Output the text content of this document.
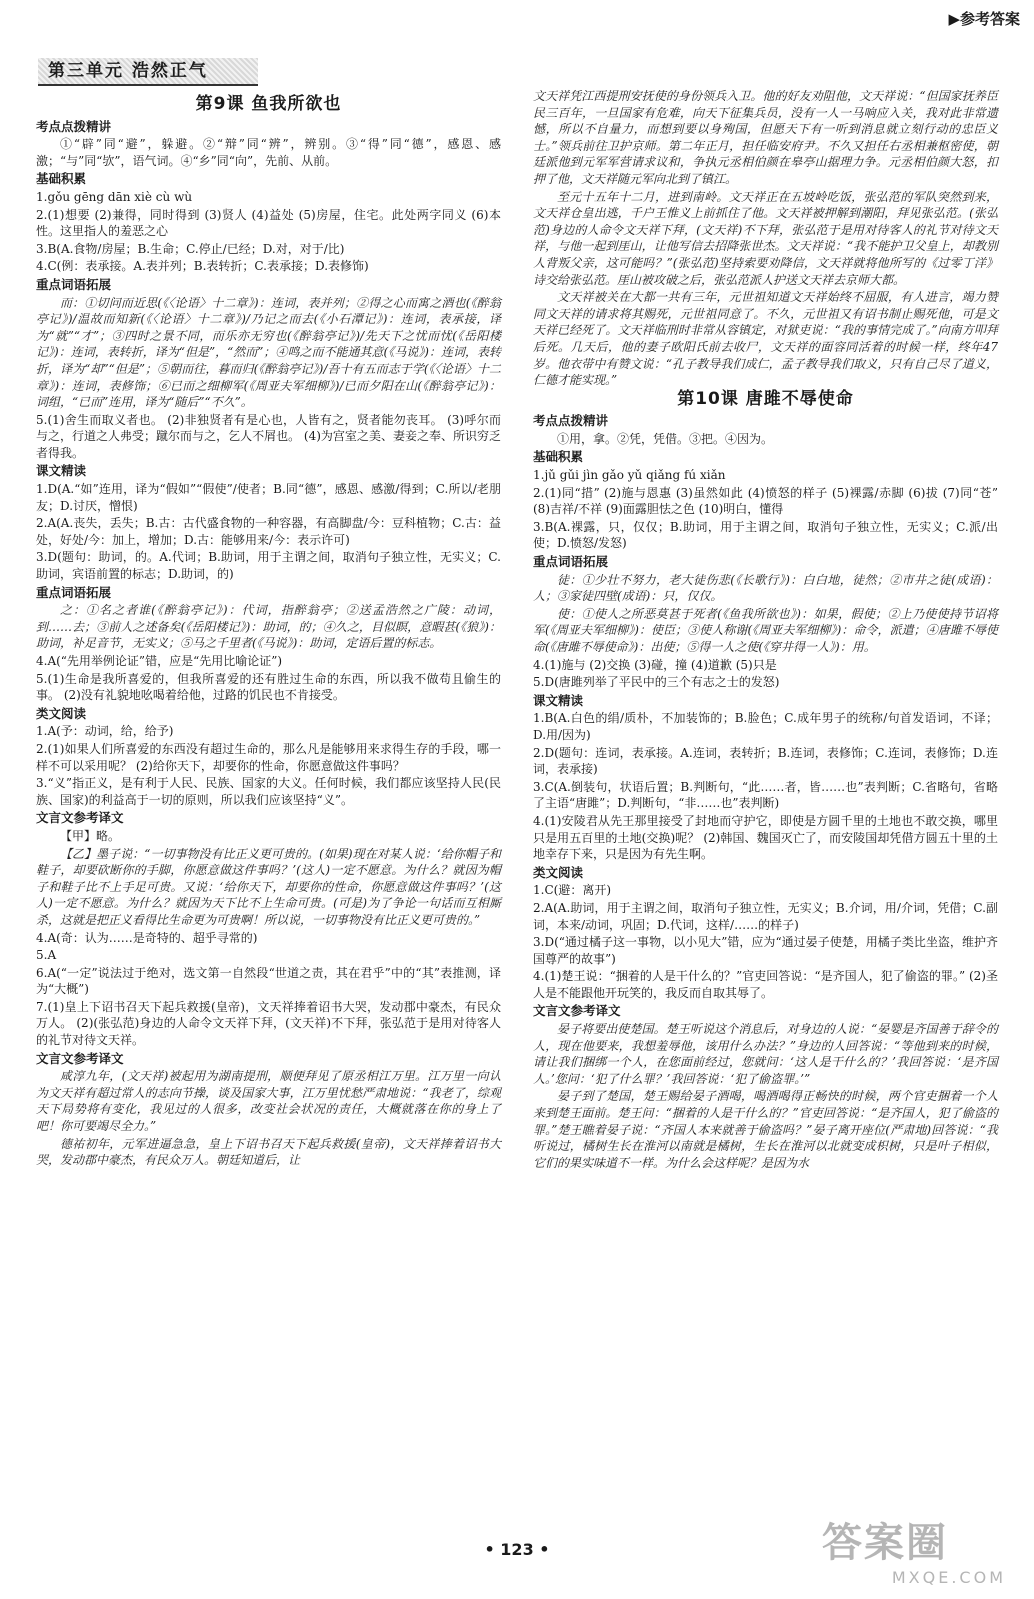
▶参考答案
第三单元 浩然正气
第9课 鱼我所欲也
考点点拨精讲
①“辟”同“避”，躲避。②“辩”同“辨”，辨别。③“得”同“德”，感恩、感激；“与”同“欤”，语气词。④“乡”同“向”，先前、从前。
基础积累
1.gǒu gēng dān xiè cù wù
2.(1)想要 (2)兼得，同时得到 (3)贤人 (4)益处 (5)房屋，住宅。此处两字同义 (6)本性。这里指人的羞恶之心
3.B(A.食物/房屋；B.生命；C.停止/已经；D.对，对于/比)
4.C(例：表承接。A.表并列；B.表转折；C.表承接；D.表修饰)
重点词语拓展
而：①切问而近思(《〈论语〉十二章》)：连词，表并列；②得之心而寓之酒也(《醉翁亭记》)/温故而知新(《〈论语〉十二章》)/乃记之而去(《小石潭记》)：连词，表承接，译为“就”“才”；③四时之景不同，而乐亦无穷也(《醉翁亭记》)/先天下之忧而忧(《岳阳楼记》)：连词，表转折，译为“但是”，“然而”；④鸣之而不能通其意(《马说》)：连词，表转折，译为“却”“但是”；⑤朝而往，暮而归(《醉翁亭记》)/吾十有五而志于学(《〈论语〉十二章》)：连词，表修饰；⑥已而之细柳军(《周亚夫军细柳》)/已而夕阳在山(《醉翁亭记》)：词组，“已而”连用，译为“随后”“不久”。
5.(1)舍生而取义者也。 (2)非独贤者有是心也，人皆有之，贤者能勿丧耳。 (3)呼尔而与之，行道之人弗受；蹴尔而与之，乞人不屑也。 (4)为宫室之美、妻妾之奉、所识穷乏者得我。
课文精读
1.D(A.“如”连用，译为“假如”“假使”/使者；B.同“德”，感恩、感激/得到；C.所以/老朋友；D.讨厌，憎恨)
2.A(A.丧失，丢失；B.古：古代盛食物的一种容器，有高脚盘/今：豆科植物；C.古：益处，好处/今：加上，增加；D.古：能够用来/今：表示许可)
3.D(题句：助词，的。A.代词；B.助词，用于主谓之间，取消句子独立性，无实义；C.助词，宾语前置的标志；D.助词，的)
重点词语拓展
之：①名之者谁(《醉翁亭记》)：代词，指醉翁亭；②送孟浩然之广陵：动词，到……去；③前人之述备矣(《岳阳楼记》)：助词，的；④久之，目似瞑，意暇甚(《狼》)：助词，补足音节，无实义；⑤马之千里者(《马说》)：助词，定语后置的标志。
4.A(“先用举例论证”错，应是“先用比喻论证”)
5.(1)生命是我所喜爱的，但我所喜爱的还有胜过生命的东西，所以我不做苟且偷生的事。 (2)没有礼貌地吆喝着给他，过路的饥民也不肯接受。
类文阅读
1.A(予：动词，给，给予)
2.(1)如果人们所喜爱的东西没有超过生命的，那么凡是能够用来求得生存的手段，哪一样不可以采用呢？ (2)给你天下，却要你的性命，你愿意做这件事吗？
3.“义”指正义，是有利于人民、民族、国家的大义。任何时候，我们都应该坚持人民(民族、国家)的利益高于一切的原则，所以我们应该坚持“义”。
文言文参考译文
【甲】略。
【乙】墨子说：“一切事物没有比正义更可贵的。(如果)现在对某人说：‘给你帽子和鞋子，却要砍断你的手脚，你愿意做这件事吗？’(这人)一定不愿意。为什么？就因为帽子和鞋子比不上手足可贵。又说：‘给你天下，却要你的性命，你愿意做这件事吗？’(这人)一定不愿意。为什么？就因为天下比不上生命可贵。(可是)为了争论一句话而互相厮杀，这就是把正义看得比生命更为可贵啊！所以说，一切事物没有比正义更可贵的。”
4.A(奇：认为……是奇特的、超乎寻常的)
5.A
6.A(“一定”说法过于绝对，选文第一自然段“世道之责，其在君乎”中的“其”表推测，译为“大概”)
7.(1)皇上下诏书召天下起兵救援(皇帝)，文天祥捧着诏书大哭，发动郡中豪杰，有民众万人。 (2)(张弘范)身边的人命令文天祥下拜，(文天祥)不下拜，张弘范于是用对待客人的礼节对待文天祥。
文言文参考译文
咸淳九年，(文天祥)被起用为湖南提刑，顺便拜见了原丞相江万里。江万里一向认为文天祥有超过常人的志向节操，谈及国家大事，江万里忧愁严肃地说：“我老了，综观天下局势将有变化，我见过的人很多，改变社会状况的责任，大概就落在你的身上了吧！你可要竭尽全力。”
德祐初年，元军进逼急急，皇上下诏书召天下起兵救援(皇帝)，文天祥捧着诏书大哭，发动郡中豪杰，有民众万人。朝廷知道后，让
文天祥凭江西提刑安抚使的身份领兵入卫。他的好友劝阻他，文天祥说：“但国家抚养臣民三百年，一旦国家有危难，向天下征集兵员，没有一人一马响应入关，我对此非常遗憾，所以不自量力，而想到要以身殉国，但愿天下有一听到消息就立刻行动的忠臣义士。”领兵前往卫护京师。第二年正月，担任临安府尹。不久又担任右丞相兼枢密使，朝廷派他到元军军营请求议和，争执元丞相伯颜在皋亭山据理力争。元丞相伯颜大怒，扣押了他，文天祥随元军向北到了镇江。
至元十五年十二月，进到南岭。文天祥正在五坡岭吃饭，张弘范的军队突然到来，文天祥仓皇出逃，千户王惟义上前抓住了他。文天祥被押解到潮阳，拜见张弘范。(张弘范)身边的人命令文天祥下拜，(文天祥)不下拜，张弘范于是用对待客人的礼节对待文天祥，与他一起到厓山，让他写信去招降张世杰。文天祥说：“我不能护卫父皇上，却教别人背叛父亲，这可能吗？”(张弘范)坚持索要劝降信，文天祥就将他所写的《过零丁洋》诗交给张弘范。厓山被攻破之后，张弘范派人护送文天祥去京师大都。
文天祥被关在大都一共有三年，元世祖知道文天祥始终不屈服，有人进言，竭力赞同文天祥的请求将其赐死，元世祖同意了。不久，元世祖又有诏书制止赐死他，可是文天祥已经死了。文天祥临刑时非常从容镇定，对狱吏说：“我的事情完成了。”向南方叩拜后死。几天后，他的妻子欧阳氏前去收尸，文天祥的面容同活着的时候一样，终年47岁。他衣带中有赞文说：“孔子教导我们成仁，孟子教导我们取义，只有自己尽了道义，仁德才能实现。”
第10课 唐雎不辱使命
考点点拨精讲
①用，拿。②凭，凭借。③把。④因为。
基础积累
1.jǔ gǔi jìn gǎo yǔ qiǎng fú xiǎn
2.(1)同“措” (2)施与恩惠 (3)虽然如此 (4)愤怒的样子 (5)裸露/赤脚 (6)拔 (7)同“苍” (8)吉祥/不祥 (9)面露胆怯之色 (10)明白，懂得
3.B(A.裸露，只，仅仅；B.助词，用于主谓之间，取消句子独立性，无实义；C.派/出使；D.愤怒/发怒)
重点词语拓展
徒：①少壮不努力，老大徒伤悲(《长歌行》)：白白地，徒然；②市井之徒(成语)：人；③家徒四壁(成语)：只，仅仅。
使：①使人之所恶莫甚于死者(《鱼我所欲也》)：如果，假使；②上乃使使持节诏将军(《周亚夫军细柳》)：使臣；③使人称谢(《周亚夫军细柳》)：命令，派遣；④唐雎不辱使命(《唐雎不辱使命》)：出使；⑤得一人之使(《穿井得一人》)：用。
4.(1)施与 (2)交换 (3)碰，撞 (4)道歉 (5)只是
5.D(唐雎列举了平民中的三个有志之士的发怒)
课文精读
1.B(A.白色的绢/质朴，不加装饰的；B.脸色；C.成年男子的统称/句首发语词，不译；D.用/因为)
2.D(题句：连词，表承接。A.连词，表转折；B.连词，表修饰；C.连词，表修饰；D.连词，表承接)
3.C(A.倒装句，状语后置；B.判断句，“此……者，皆……也”表判断；C.省略句，省略了主语“唐雎”；D.判断句，“非……也”表判断)
4.(1)安陵君从先王那里接受了封地而守护它，即使是方圆千里的土地也不敢交换，哪里只是用五百里的土地(交换)呢？ (2)韩国、魏国灭亡了，而安陵国却凭借方圆五十里的土地幸存下来，只是因为有先生啊。
类文阅读
1.C(避：离开)
2.A(A.助词，用于主谓之间，取消句子独立性，无实义；B.介词，用/介词，凭借；C.副词，本来/动词，巩固；D.代词，这样/……的样子)
3.D(“通过橘子这一事物，以小见大”错，应为“通过晏子使楚，用橘子类比坐盗，维护齐国尊严的故事”)
4.(1)楚王说：“捆着的人是干什么的？”官吏回答说：“是齐国人，犯了偷盗的罪。” (2)圣人是不能跟他开玩笑的，我反而自取其辱了。
文言文参考译文
晏子将要出使楚国。楚王听说这个消息后，对身边的人说：“晏婴是齐国善于辞令的人，现在他要来，我想羞辱他，该用什么办法？”身边的人回答说：“等他到来的时候，请让我们捆绑一个人，在您面前经过，您就问：‘这人是干什么的？’我回答说：‘是齐国人。’您问：‘犯了什么罪？’我回答说：‘犯了偷盗罪。’”
晏子到了楚国，楚王赐给晏子酒喝，喝酒喝得正畅快的时候，两个官吏捆着一个人来到楚王面前。楚王问：“捆着的人是干什么的？”官吏回答说：“是齐国人，犯了偷盗的罪。”楚王瞧着晏子说：“齐国人本来就善于偷盗吗？”晏子离开座位(严肃地)回答说：“我听说过，橘树生长在淮河以南就是橘树，生长在淮河以北就变成枳树，只是叶子相似，它们的果实味道不一样。为什么会这样呢？是因为水
• 123 •	答案圈
MXQE.COM
